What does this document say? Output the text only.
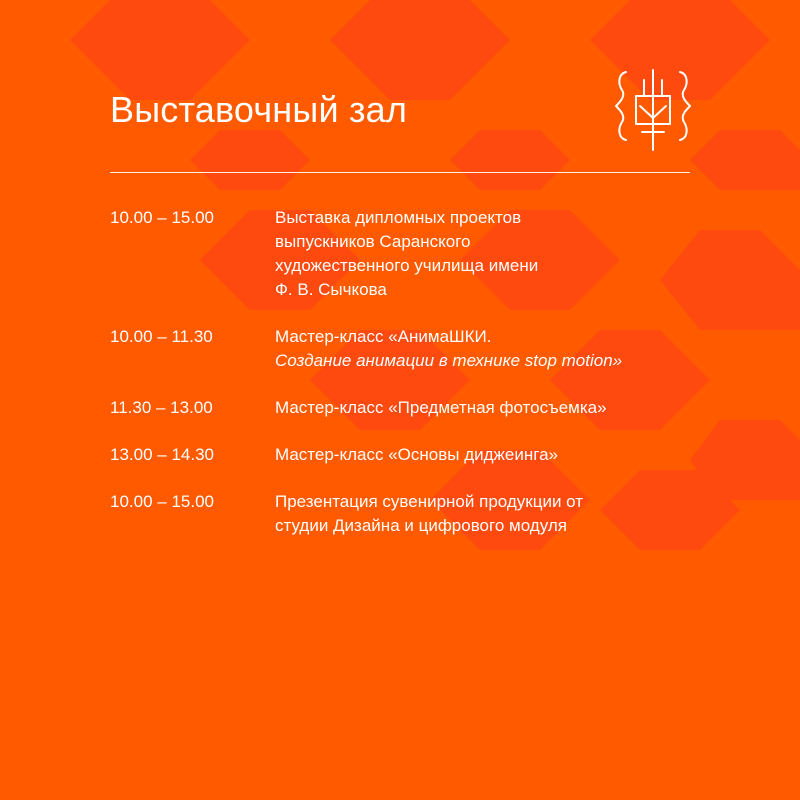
Выставочный зал
10.00 – 15.00	Выставка дипломных проектов
выпускников Саранского
художественного училища имени
Ф. В. Сычкова
10.00 – 11.30	Мастер-класс «АнимаШКИ.
Создание анимации в технике stop motion»
11.30 – 13.00	Мастер-класс «Предметная фотосъемка»
13.00 – 14.30	Мастер-класс «Основы диджеинга»
10.00 – 15.00	Презентация сувенирной продукции от
студии Дизайна и цифрового модуля
